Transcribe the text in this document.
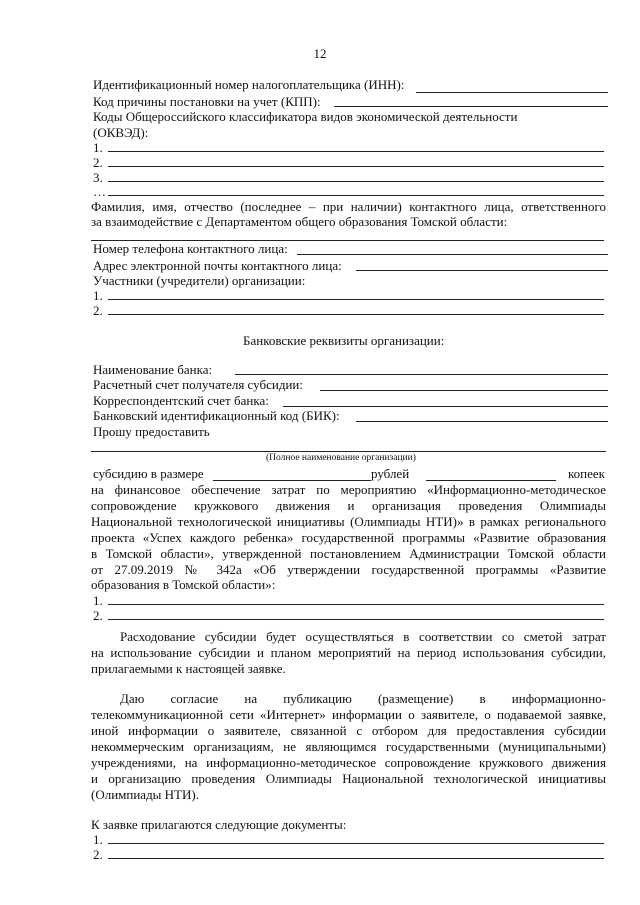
12
Идентификационный номер налогоплательщика (ИНН):
Код причины постановки на учет (КПП):
Коды Общероссийского классификатора видов экономической деятельности
(ОКВЭД):
1.
2.
3.
…
Фамилия, имя, отчество (последнее – при наличии) контактного лица, ответственного
за взаимодействие с Департаментом общего образования Томской области:
Номер телефона контактного лица:
Адрес электронной почты контактного лица:
Участники (учредители) организации:
1.
2.
Банковские реквизиты организации:
Наименование банка:
Расчетный счет получателя субсидии:
Корреспондентский счет банка:
Банковский идентификационный код (БИК):
Прошу предоставить
(Полное наименование организации)
субсидию в размере	рублей	копеек
на финансовое обеспечение затрат по мероприятию «Информационно-методическое
сопровождение кружкового движения и организация проведения Олимпиады
Национальной технологической инициативы (Олимпиады НТИ)» в рамках регионального
проекта «Успех каждого ребенка» государственной программы «Развитие образования
в Томской области», утвержденной постановлением Администрации Томской области
от 27.09.2019 № 342а «Об утверждении государственной программы «Развитие
образования в Томской области»:
1.
2.
Расходование субсидии будет осуществляться в соответствии со сметой затрат
на использование субсидии и планом мероприятий на период использования субсидии,
прилагаемыми к настоящей заявке.
Даю согласие на публикацию (размещение) в информационно-
телекоммуникационной сети «Интернет» информации о заявителе, о подаваемой заявке,
иной информации о заявителе, связанной с отбором для предоставления субсидии
некоммерческим организациям, не являющимся государственными (муниципальными)
учреждениями, на информационно-методическое сопровождение кружкового движения
и организацию проведения Олимпиады Национальной технологической инициативы
(Олимпиады НТИ).
К заявке прилагаются следующие документы:
1.
2.
